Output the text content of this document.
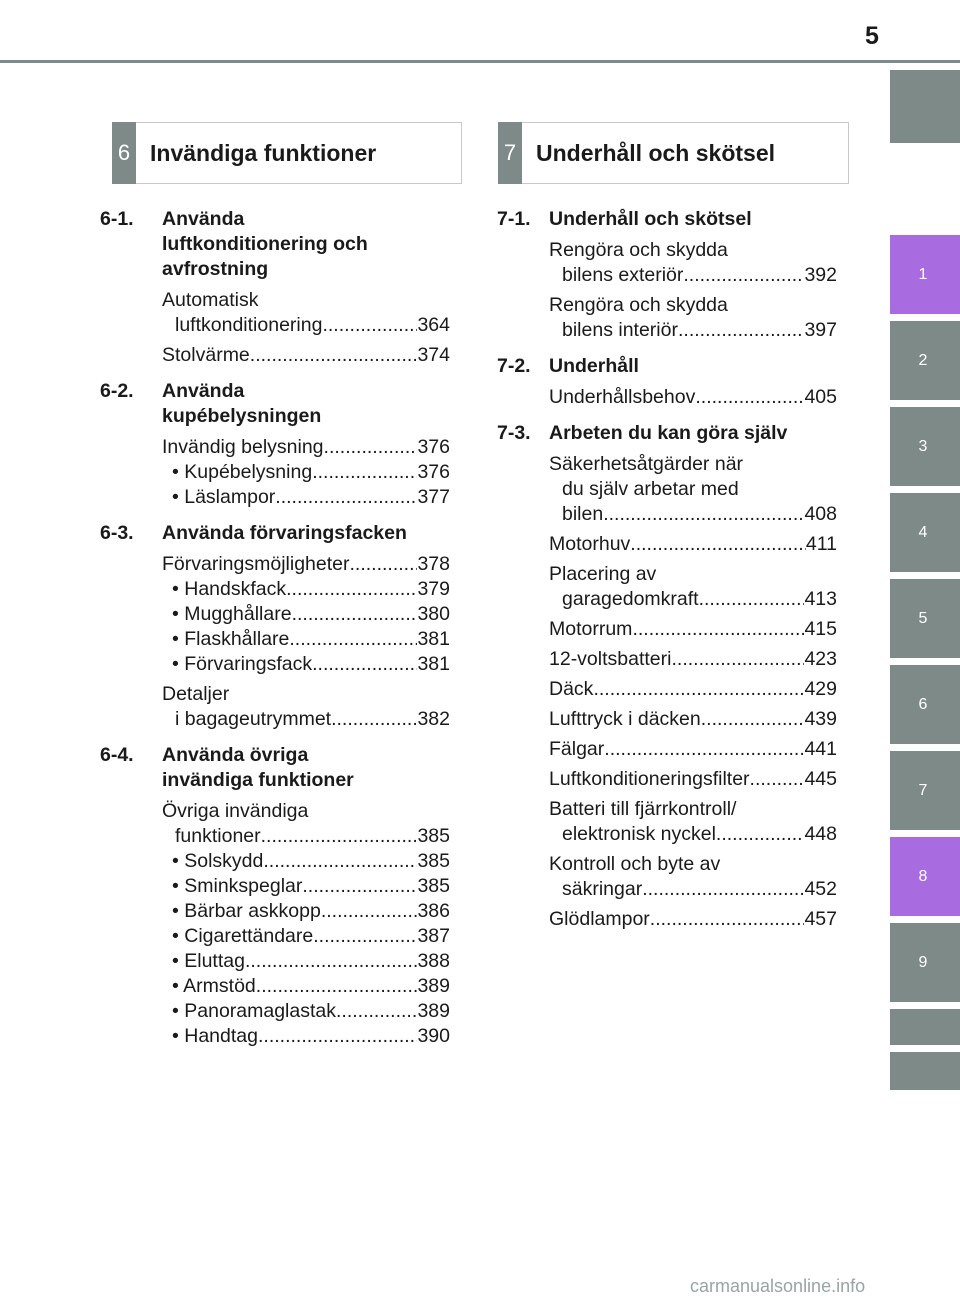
5
1
2
3
4
5
6
7
8
9
6 Invändiga funktioner	7 Underhåll och skötsel
6-1. Använda
luftkonditionering och
avfrostning
Automatisk
luftkonditionering .....	364
Stolvärme .....	374
6-2. Använda
kupébelysningen
Invändig belysning .....	376
• Kupébelysning .....	376
• Läslampor .....	377
6-3. Använda förvaringsfacken
Förvaringsmöjligheter .....	378
• Handskfack .....	379
• Mugghållare .....	380
• Flaskhållare .....	381
• Förvaringsfack .....	381
Detaljer
i bagageutrymmet .....	382
6-4. Använda övriga
invändiga funktioner
Övriga invändiga
funktioner .....	385
• Solskydd .....	385
• Sminkspeglar .....	385
• Bärbar askkopp .....	386
• Cigarettändare .....	387
• Eluttag .....	388
• Armstöd .....	389
• Panoramaglastak .....	389
• Handtag .....	390
7-1. Underhåll och skötsel
Rengöra och skydda
bilens exteriör .....	392
Rengöra och skydda
bilens interiör .....	397
7-2. Underhåll
Underhållsbehov .....	405
7-3. Arbeten du kan göra själv
Säkerhetsåtgärder när
du själv arbetar med
bilen .....	408
Motorhuv .....	411
Placering av
garagedomkraft .....	413
Motorrum .....	415
12-voltsbatteri .....	423
Däck .....	429
Lufttryck i däcken .....	439
Fälgar .....	441
Luftkonditioneringsfilter .....	445
Batteri till fjärrkontroll/
elektronisk nyckel .....	448
Kontroll och byte av
säkringar .....	452
Glödlampor .....	457
carmanualsonline.info
